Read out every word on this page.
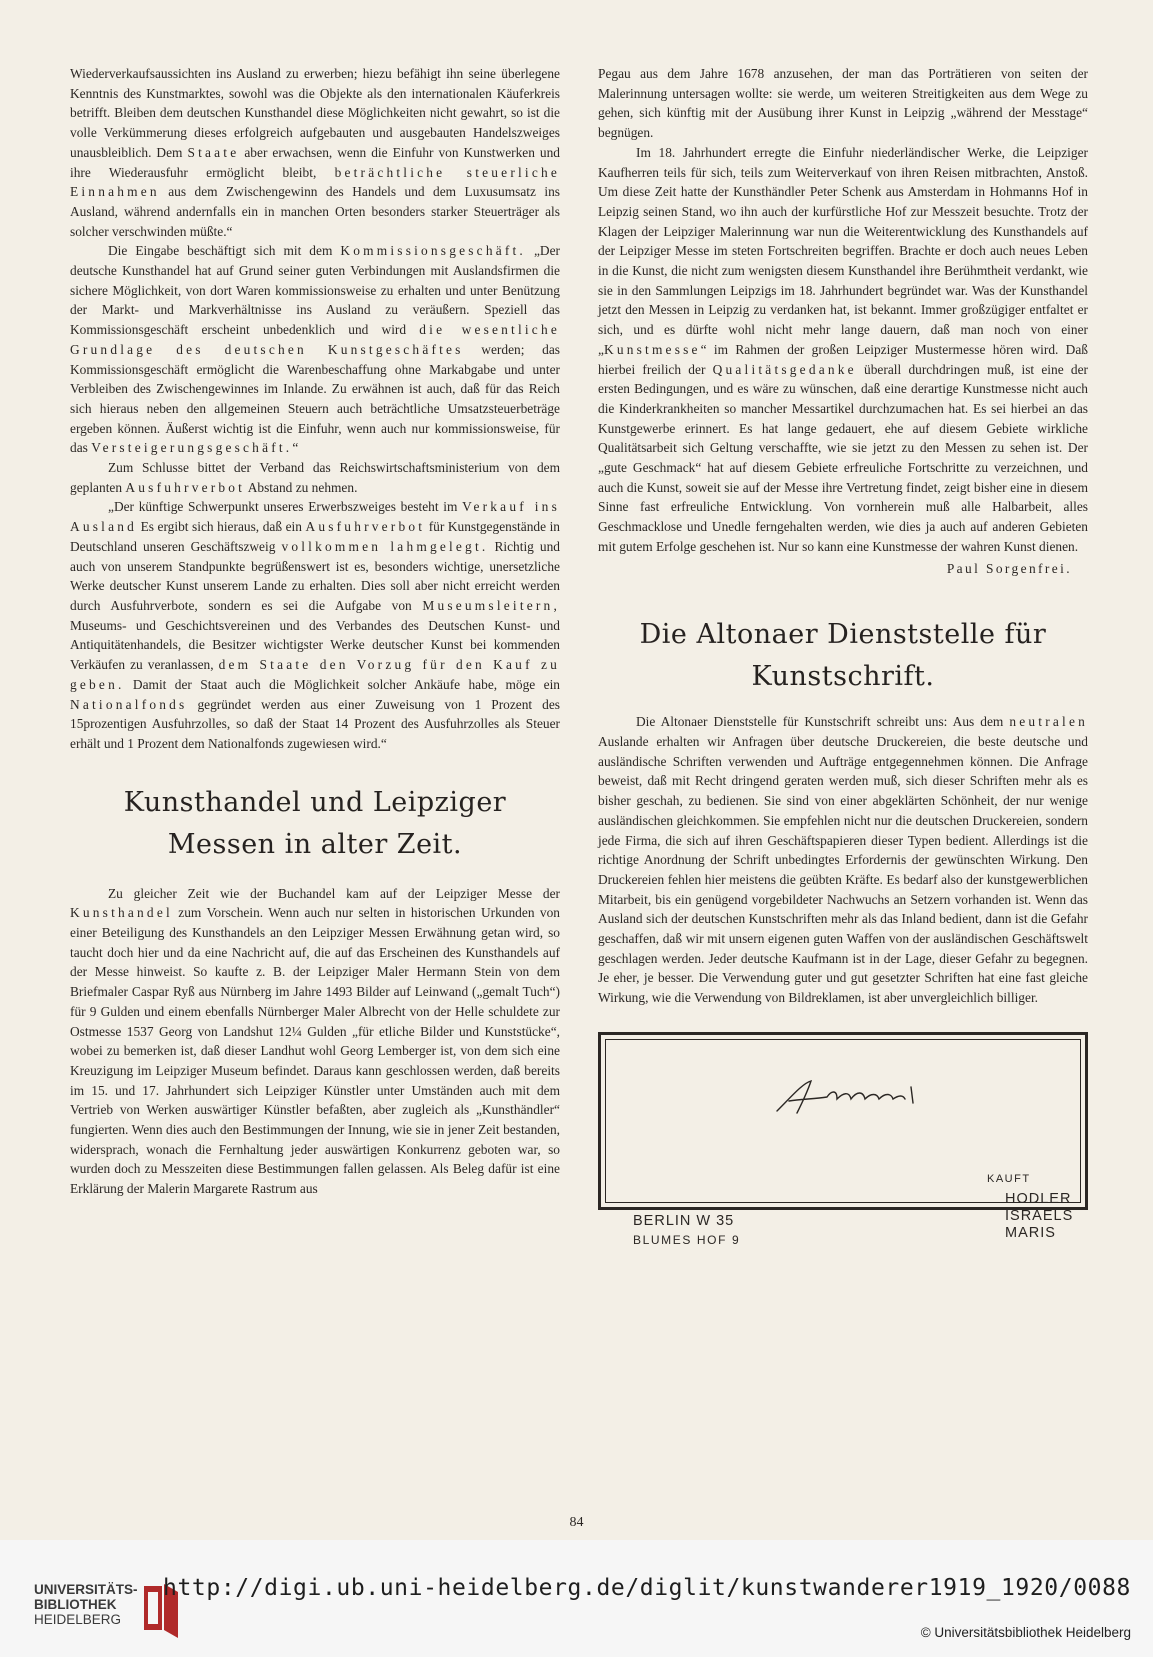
Wiederverkaufsaussichten ins Ausland zu erwerben; hiezu befähigt ihn seine überlegene Kenntnis des Kunstmarktes, sowohl was die Objekte als den internationalen Käuferkreis betrifft. Bleiben dem deutschen Kunsthandel diese Möglichkeiten nicht gewahrt, so ist die volle Verkümmerung dieses erfolgreich aufgebauten und ausgebauten Handelszweiges unausbleiblich. Dem Staate aber erwachsen, wenn die Einfuhr von Kunstwerken und ihre Wiederausfuhr ermöglicht bleibt, beträchtliche steuerliche Einnahmen aus dem Zwischengewinn des Handels und dem Luxusumsatz ins Ausland, während andernfalls ein in manchen Orten besonders starker Steuerträger als solcher verschwinden müßte.“

Die Eingabe beschäftigt sich mit dem Kommissionsgeschäft. „Der deutsche Kunsthandel hat auf Grund seiner guten Verbindungen mit Auslandsfirmen die sichere Möglichkeit, von dort Waren kommissionsweise zu erhalten und unter Benützung der Markt- und Markverhältnisse ins Ausland zu veräußern. Speziell das Kommissionsgeschäft erscheint unbedenklich und wird die wesentliche Grundlage des deutschen Kunstgeschäftes werden; das Kommissionsgeschäft ermöglicht die Warenbeschaffung ohne Markabgabe und unter Verbleiben des Zwischengewinnes im Inlande. Zu erwähnen ist auch, daß für das Reich sich hieraus neben den allgemeinen Steuern auch beträchtliche Umsatzsteuerbeträge ergeben können. Äußerst wichtig ist die Einfuhr, wenn auch nur kommissionsweise, für das Versteigerungsgeschäft.“

Zum Schlusse bittet der Verband das Reichswirtschaftsministerium von dem geplanten Ausfuhrverbot Abstand zu nehmen.

„Der künftige Schwerpunkt unseres Erwerbszweiges besteht im Verkauf ins Ausland Es ergibt sich hieraus, daß ein Ausfuhrverbot für Kunstgegenstände in Deutschland unseren Geschäftszweig vollkommen lahmgelegt. Richtig und auch von unserem Standpunkte begrüßenswert ist es, besonders wichtige, unersetzliche Werke deutscher Kunst unserem Lande zu erhalten. Dies soll aber nicht erreicht werden durch Ausfuhrverbote, sondern es sei die Aufgabe von Museumsleitern, Museums- und Geschichtsvereinen und des Verbandes des Deutschen Kunst- und Antiquitätenhandels, die Besitzer wichtigster Werke deutscher Kunst bei kommenden Verkäufen zu veranlassen, dem Staate den Vorzug für den Kauf zu geben. Damit der Staat auch die Möglichkeit solcher Ankäufe habe, möge ein Nationalfonds gegründet werden aus einer Zuweisung von 1 Prozent des 15prozentigen Ausfuhrzolles, so daß der Staat 14 Prozent des Ausfuhrzolles als Steuer erhält und 1 Prozent dem Nationalfonds zugewiesen wird.“

Kunsthandel und Leipziger Messen in alter Zeit.

Zu gleicher Zeit wie der Buchandel kam auf der Leipziger Messe der Kunsthandel zum Vorschein. Wenn auch nur selten in historischen Urkunden von einer Beteiligung des Kunsthandels an den Leipziger Messen Erwähnung getan wird, so taucht doch hier und da eine Nachricht auf, die auf das Erscheinen des Kunsthandels auf der Messe hinweist. So kaufte z. B. der Leipziger Maler Hermann Stein von dem Briefmaler Caspar Ryß aus Nürnberg im Jahre 1493 Bilder auf Leinwand („gemalt Tuch“) für 9 Gulden und einem ebenfalls Nürnberger Maler Albrecht von der Helle schuldete zur Ostmesse 1537 Georg von Landshut 12¼ Gulden „für etliche Bilder und Kunststücke“, wobei zu bemerken ist, daß dieser Landhut wohl Georg Lemberger ist, von dem sich eine Kreuzigung im Leipziger Museum befindet. Daraus kann geschlossen werden, daß bereits im 15. und 17. Jahrhundert sich Leipziger Künstler unter Umständen auch mit dem Vertrieb von Werken auswärtiger Künstler befaßten, aber zugleich als „Kunsthändler“ fungierten. Wenn dies auch den Bestimmungen der Innung, wie sie in jener Zeit bestanden, widersprach, wonach die Fernhaltung jeder auswärtigen Konkurrenz geboten war, so wurden doch zu Messzeiten diese Bestimmungen fallen gelassen. Als Beleg dafür ist eine Erklärung der Malerin Margarete Rastrum aus

Pegau aus dem Jahre 1678 anzusehen, der man das Porträtieren von seiten der Malerinnung untersagen wollte: sie werde, um weiteren Streitigkeiten aus dem Wege zu gehen, sich künftig mit der Ausübung ihrer Kunst in Leipzig „während der Messtage“ begnügen.

Im 18. Jahrhundert erregte die Einfuhr niederländischer Werke, die Leipziger Kaufherren teils für sich, teils zum Weiterverkauf von ihren Reisen mitbrachten, Anstoß. Um diese Zeit hatte der Kunsthändler Peter Schenk aus Amsterdam in Hohmanns Hof in Leipzig seinen Stand, wo ihn auch der kurfürstliche Hof zur Messzeit besuchte. Trotz der Klagen der Leipziger Malerinnung war nun die Weiterentwicklung des Kunsthandels auf der Leipziger Messe im steten Fortschreiten begriffen. Brachte er doch auch neues Leben in die Kunst, die nicht zum wenigsten diesem Kunsthandel ihre Berühmtheit verdankt, wie sie in den Sammlungen Leipzigs im 18. Jahrhundert begründet war. Was der Kunsthandel jetzt den Messen in Leipzig zu verdanken hat, ist bekannt. Immer großzügiger entfaltet er sich, und es dürfte wohl nicht mehr lange dauern, daß man noch von einer „Kunstmesse“ im Rahmen der großen Leipziger Mustermesse hören wird. Daß hierbei freilich der Qualitätsgedanke überall durchdringen muß, ist eine der ersten Bedingungen, und es wäre zu wünschen, daß eine derartige Kunstmesse nicht auch die Kinderkrankheiten so mancher Messartikel durchzumachen hat. Es sei hierbei an das Kunstgewerbe erinnert. Es hat lange gedauert, ehe auf diesem Gebiete wirkliche Qualitätsarbeit sich Geltung verschaffte, wie sie jetzt zu den Messen zu sehen ist. Der „gute Geschmack“ hat auf diesem Gebiete erfreuliche Fortschritte zu verzeichnen, und auch die Kunst, soweit sie auf der Messe ihre Vertretung findet, zeigt bisher eine in diesem Sinne fast erfreuliche Entwicklung. Von vornherein muß alle Halbarbeit, alles Geschmacklose und Unedle ferngehalten werden, wie dies ja auch auf anderen Gebieten mit gutem Erfolge geschehen ist. Nur so kann eine Kunstmesse der wahren Kunst dienen.

Paul Sorgenfrei.

Die Altonaer Dienststelle für Kunstschrift.

Die Altonaer Dienststelle für Kunstschrift schreibt uns: Aus dem neutralen Auslande erhalten wir Anfragen über deutsche Druckereien, die beste deutsche und ausländische Schriften verwenden und Aufträge entgegennehmen können. Die Anfrage beweist, daß mit Recht dringend geraten werden muß, sich dieser Schriften mehr als es bisher geschah, zu bedienen. Sie sind von einer abgeklärten Schönheit, der nur wenige ausländischen gleichkommen. Sie empfehlen nicht nur die deutschen Druckereien, sondern jede Firma, die sich auf ihren Geschäftspapieren dieser Typen bedient. Allerdings ist die richtige Anordnung der Schrift unbedingtes Erfordernis der gewünschten Wirkung. Den Druckereien fehlen hier meistens die geübten Kräfte. Es bedarf also der kunstgewerblichen Mitarbeit, bis ein genügend vorgebildeter Nachwuchs an Setzern vorhanden ist. Wenn das Ausland sich der deutschen Kunstschriften mehr als das Inland bedient, dann ist die Gefahr geschaffen, daß wir mit unsern eigenen guten Waffen von der ausländischen Geschäftswelt geschlagen werden. Jeder deutsche Kaufmann ist in der Lage, dieser Gefahr zu begegnen. Je eher, je besser. Die Verwendung guter und gut gesetzter Schriften hat eine fast gleiche Wirkung, wie die Verwendung von Bildreklamen, ist aber unvergleichlich billiger.

KAUFT
HODLER
ISRAELS
MARIS
BERLIN W 35
BLUMES HOF 9
84
UNIVERSITÄTS-
BIBLIOTHEK
HEIDELBERG
http://digi.ub.uni-heidelberg.de/diglit/kunstwanderer1919_1920/0088
© Universitätsbibliothek Heidelberg
